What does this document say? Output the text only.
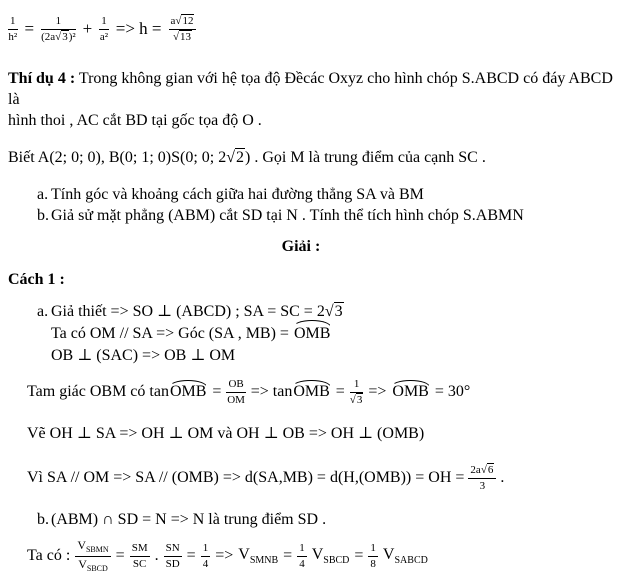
$\frac{1}{\text{h²}} = \frac{1}{\text{(2a√3)²}} + \frac{1}{\text{a²}} => h = \frac{a√12}{√13}$
Thí dụ 4 : Trong không gian với hệ tọa độ Đềcác Oxyz cho hình chóp S.ABCD có đáy ABCD là
hình thoi , AC cắt BD tại gốc tọa độ O .
Biết A(2; 0; 0), B(0; 1; 0)S(0; 0; 2√2) . Gọi M là trung điểm của cạnh SC .
a. Tính góc và khoảng cách giữa hai đường thẳng SA và BM
b. Giả sử mặt phẳng (ABM) cắt SD tại N . Tính thể tích hình chóp S.ABMN
Giải :
Cách 1 :
a. Giả thiết => SO ⊥ (ABCD) ; SA = SC = 2√3
Ta có OM // SA => Góc (SA , MB) = OMB
OB ⊥ (SAC) => OB ⊥ OM
Tam giác OBM có tanOMB = $\frac{OB}{OM}$ => tanOMB = $\frac{1}{√3}$ => OMB = 30°
Vẽ OH ⊥ SA => OH ⊥ OM và OH ⊥ OB => OH ⊥ (OMB)
Vì SA // OM => SA // (OMB) => d(SA,MB) = d(H,(OMB)) = OH = $\frac{2a√6}{3}$ .
b. (ABM) ∩ SD = N => N là trung điểm SD .
Ta có : $\frac{V_{SBMN}}{V_{SBCD}} = \frac{SM}{SC}$ . $\frac{SN}{SD} = \frac{1}{4} => V_{SMNB} = \frac{1}{4} V_{SBCD} = \frac{1}{8} V_{SABCD}$
